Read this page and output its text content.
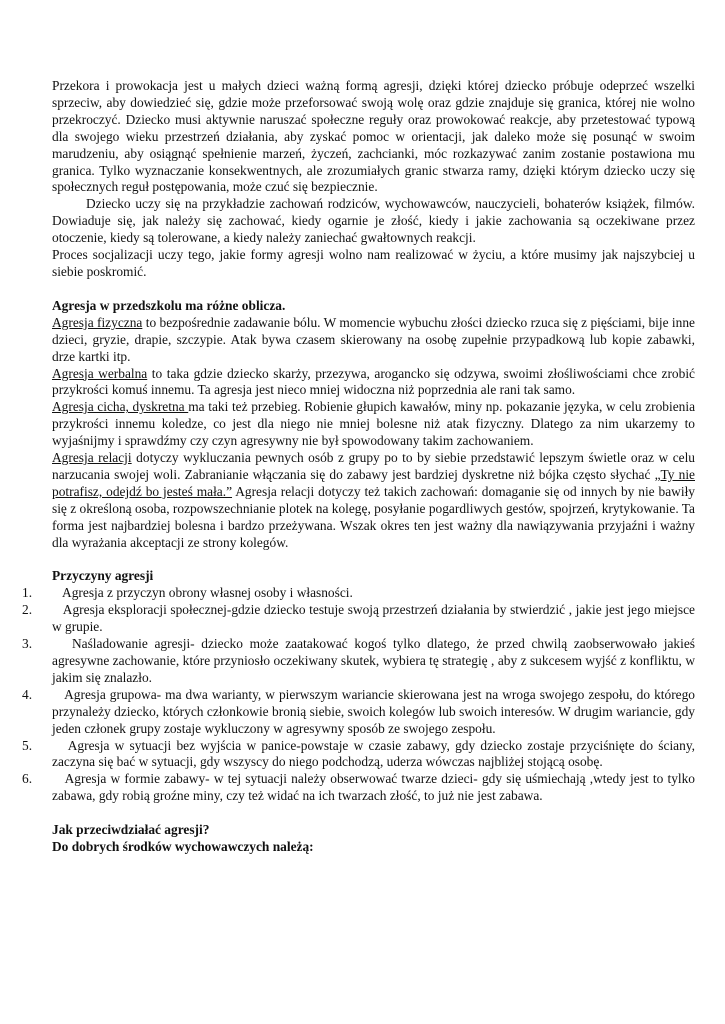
Przekora i prowokacja jest u małych dzieci ważną formą agresji, dzięki której dziecko próbuje odeprzeć wszelki sprzeciw, aby dowiedzieć się, gdzie może przeforsować swoją wolę oraz gdzie znajduje się granica, której nie wolno przekroczyć. Dziecko musi aktywnie naruszać społeczne reguły oraz prowokować reakcje, aby przetestować typową dla swojego wieku przestrzeń działania, aby zyskać pomoc w orientacji, jak daleko może się posunąć w swoim marudzeniu, aby osiągnąć spełnienie marzeń, życzeń, zachcianki, móc rozkazywać zanim zostanie postawiona mu granica. Tylko wyznaczanie konsekwentnych, ale zrozumiałych granic stwarza ramy, dzięki którym dziecko uczy się społecznych reguł postępowania, może czuć się bezpiecznie.

Dziecko uczy się na przykładzie zachowań rodziców, wychowawców, nauczycieli, bohaterów książek, filmów. Dowiaduje się, jak należy się zachować, kiedy ogarnie je złość, kiedy i jakie zachowania są oczekiwane przez otoczenie, kiedy są tolerowane, a kiedy należy zaniechać gwałtownych reakcji.

Proces socjalizacji uczy tego, jakie formy agresji wolno nam realizować w życiu, a które musimy jak najszybciej u siebie poskromić.

Agresja w przedszkolu ma różne oblicza.

Agresja fizyczna to bezpośrednie zadawanie bólu. W momencie wybuchu złości dziecko rzuca się z pięściami, bije inne dzieci, gryzie, drapie, szczypie. Atak bywa czasem skierowany na osobę zupełnie przypadkową lub kopie zabawki, drze kartki itp.

Agresja werbalna to taka gdzie dziecko skarży, przezywa, arogancko się odzywa, swoimi złośliwościami chce zrobić przykrości komuś innemu. Ta agresja jest nieco mniej widoczna niż poprzednia ale rani tak samo.

Agresja cicha, dyskretna ma taki też przebieg. Robienie głupich kawałów, miny np. pokazanie języka, w celu zrobienia przykrości innemu koledze, co jest dla niego nie mniej bolesne niż atak fizyczny. Dlatego za nim ukarzemy to wyjaśnijmy i sprawdźmy czy czyn agresywny nie był spowodowany takim zachowaniem.

Agresja relacji dotyczy wykluczania pewnych osób z grupy po to by siebie przedstawić lepszym świetle oraz w celu narzucania swojej woli. Zabranianie włączania się do zabawy jest bardziej dyskretne niż bójka często słychać „Ty nie potrafisz, odejdź bo jesteś mała.” Agresja relacji dotyczy też takich zachowań: domaganie się od innych by nie bawiły się z określoną osoba, rozpowszechnianie plotek na kolegę, posyłanie pogardliwych gestów, spojrzeń, krytykowanie. Ta forma jest najbardziej bolesna i bardzo przeżywana. Wszak okres ten jest ważny dla nawiązywania przyjaźni i ważny dla wyrażania akceptacji ze strony kolegów.

Przyczyny agresji

1. Agresja z przyczyn obrony własnej osoby i własności.
2. Agresja eksploracji społecznej-gdzie dziecko testuje swoją przestrzeń działania by stwierdzić , jakie jest jego miejsce w grupie.
3. Naśladowanie agresji- dziecko może zaatakować kogoś tylko dlatego, że przed chwilą zaobserwowało jakieś agresywne zachowanie, które przyniosło oczekiwany skutek, wybiera tę strategię , aby z sukcesem wyjść z konfliktu, w jakim się znalazło.
4. Agresja grupowa- ma dwa warianty, w pierwszym wariancie skierowana jest na wroga swojego zespołu, do którego przynależy dziecko, których członkowie bronią siebie, swoich kolegów lub swoich interesów. W drugim wariancie, gdy jeden członek grupy zostaje wykluczony w agresywny sposób ze swojego zespołu.
5. Agresja w sytuacji bez wyjścia w panice-powstaje w czasie zabawy, gdy dziecko zostaje przyciśnięte do ściany, zaczyna się bać w sytuacji, gdy wszyscy do niego podchodzą, uderza wówczas najbliżej stojącą osobę.
6. Agresja w formie zabawy- w tej sytuacji należy obserwować twarze dzieci- gdy się uśmiechają ,wtedy jest to tylko zabawa, gdy robią groźne miny, czy też widać na ich twarzach złość, to już nie jest zabawa.

Jak przeciwdziałać agresji?

Do dobrych środków wychowawczych należą:
